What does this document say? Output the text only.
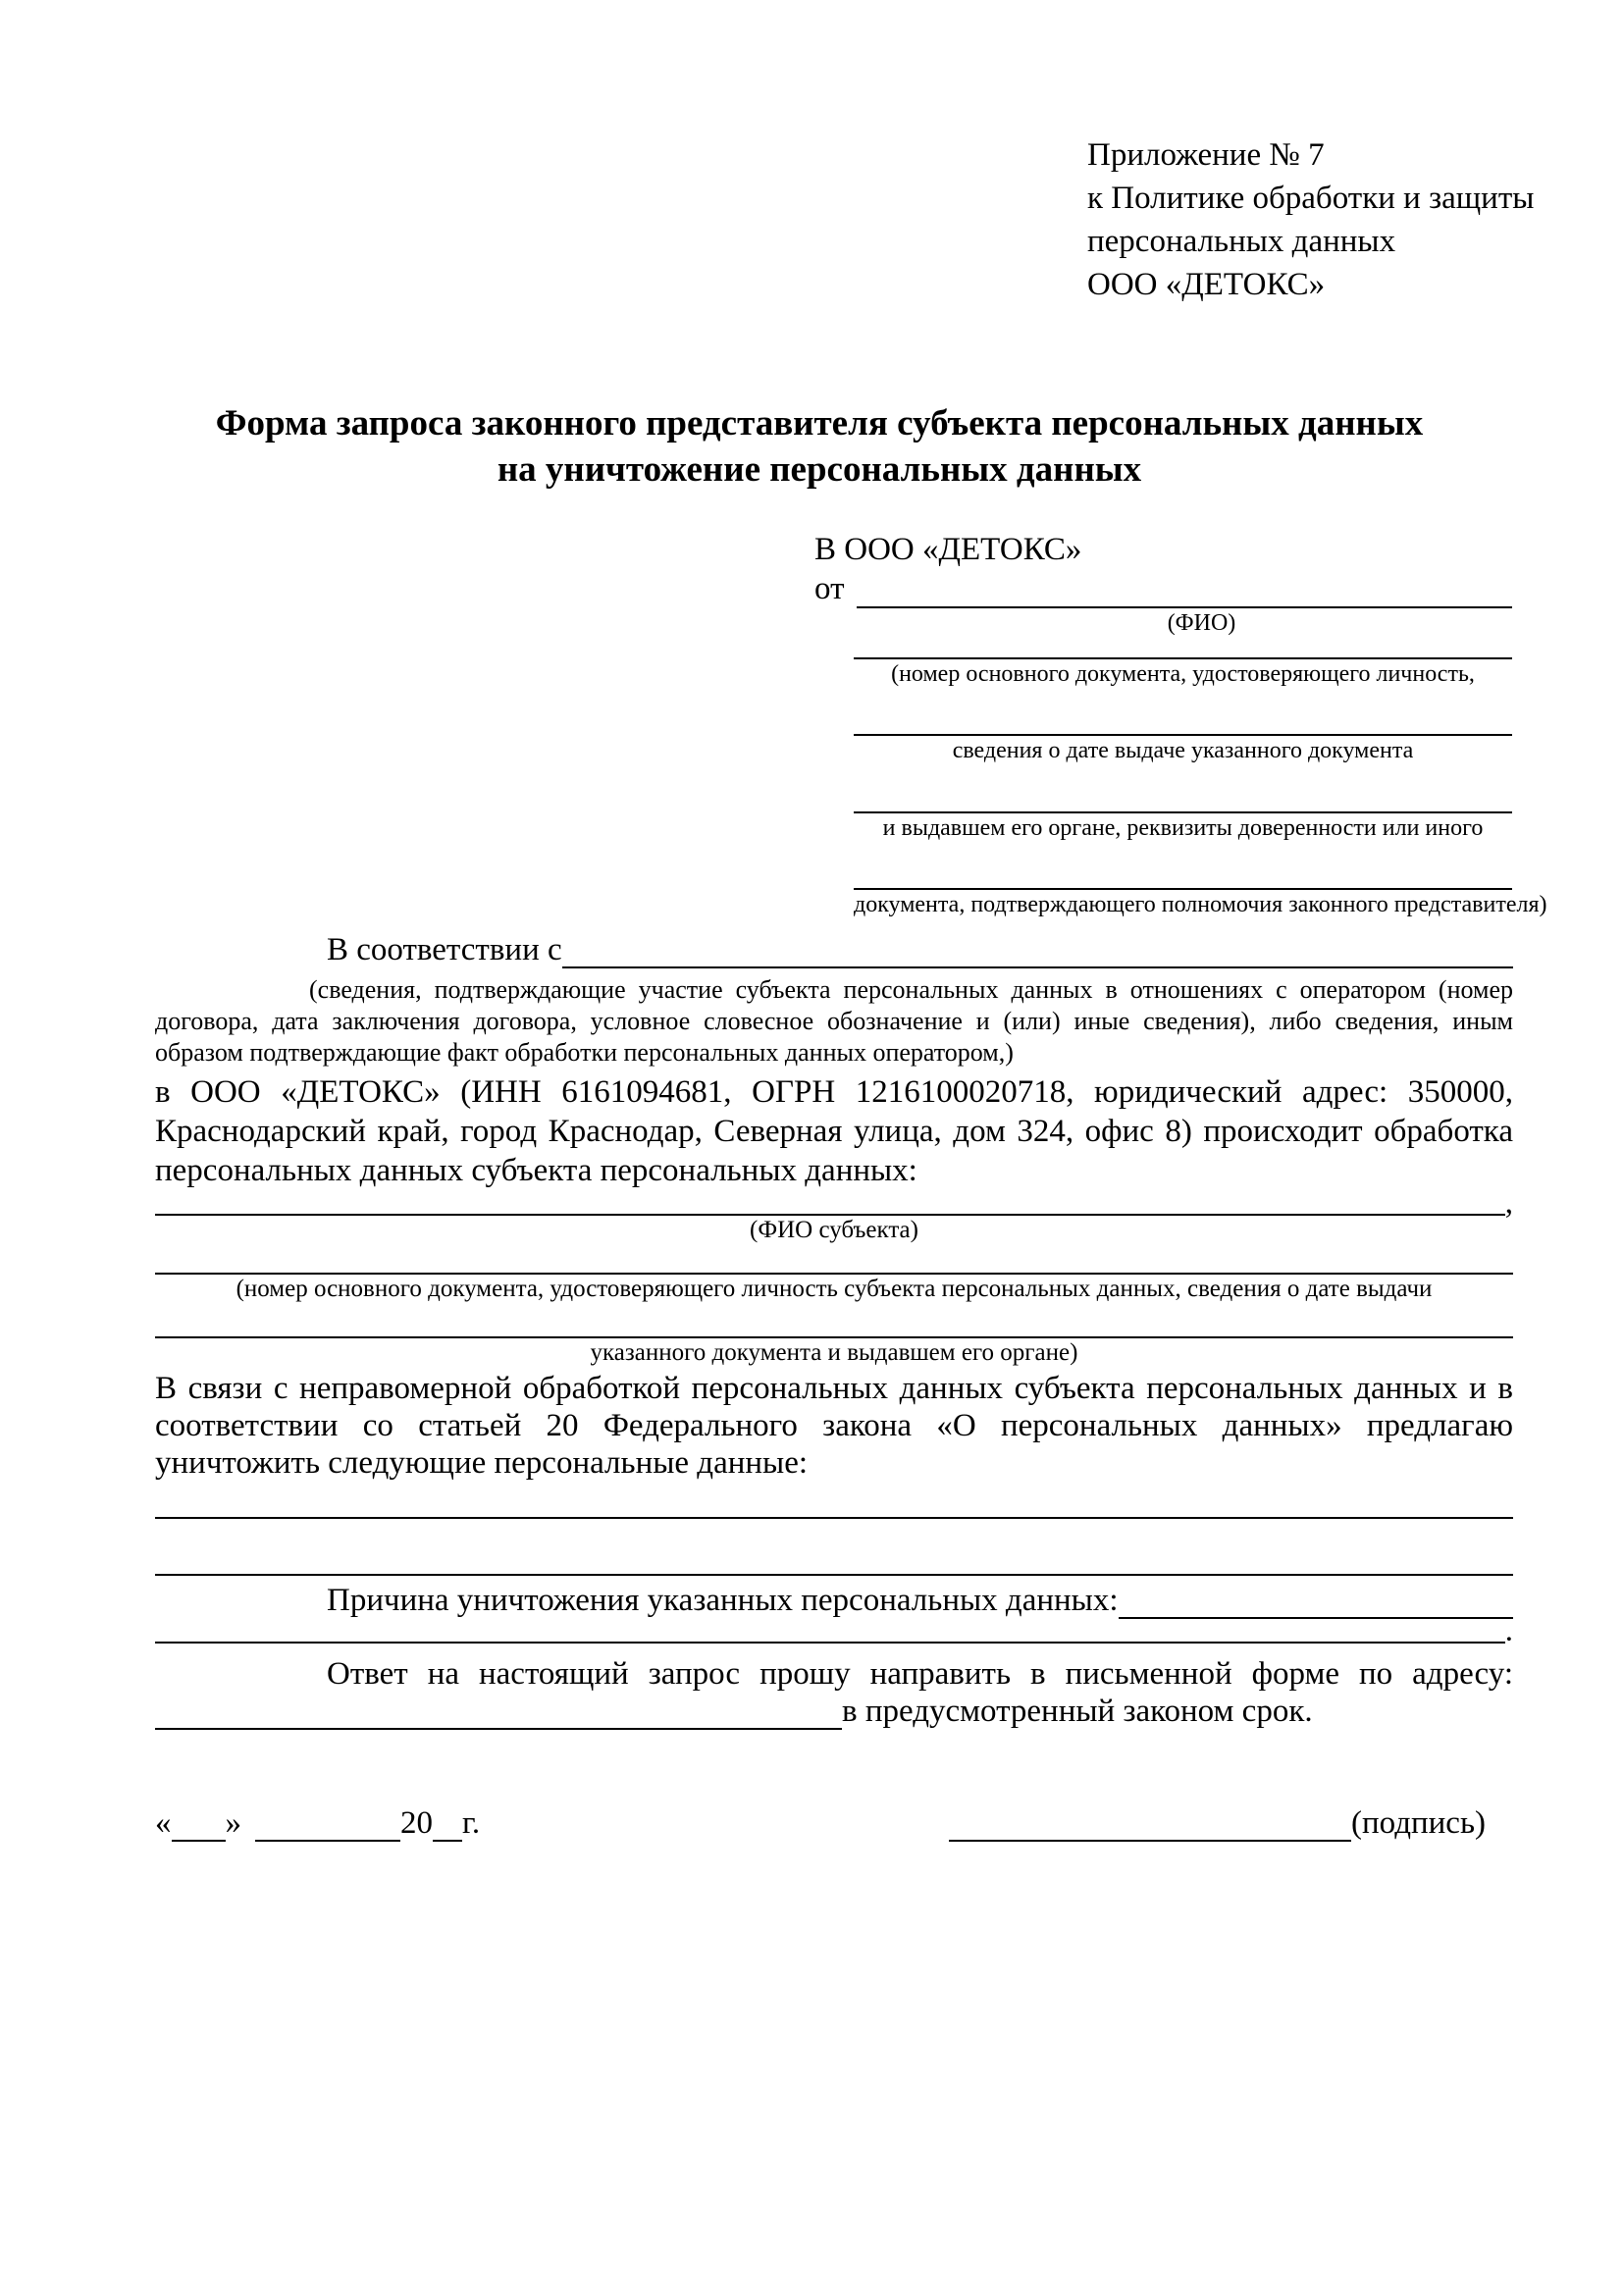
Приложение № 7
к Политике обработки и защиты
персональных данных
ООО «ДЕТОКС»
Форма запроса законного представителя субъекта персональных данных
на уничтожение персональных данных
В ООО «ДЕТОКС»
от
(ФИО)
(номер основного документа, удостоверяющего личность,
сведения о дате выдаче указанного документа
и выдавшем его органе, реквизиты доверенности или иного
документа, подтверждающего полномочия законного представителя)
В соответствии с

(сведения, подтверждающие участие субъекта персональных данных в отношениях с оператором (номер договора, дата заключения договора, условное словесное обозначение и (или) иные сведения), либо сведения, иным образом подтверждающие факт обработки персональных данных оператором,)

в ООО «ДЕТОКС» (ИНН 6161094681, ОГРН 1216100020718, юридический адрес: 350000, Краснодарский край, город Краснодар, Северная улица, дом 324, офис 8) происходит обработка персональных данных субъекта персональных данных:

,
(ФИО субъекта)
(номер основного документа, удостоверяющего личность субъекта персональных данных, сведения о дате выдачи
указанного документа и выдавшем его органе)

В связи с неправомерной обработкой персональных данных субъекта персональных данных и в соответствии со статьей 20 Федерального закона «О персональных данных» предлагаю уничтожить следующие персональные данные:

Причина уничтожения указанных персональных данных:
.

Ответ на настоящий запрос прошу направить в письменной форме по адресу:

в предусмотренный законом срок.
« »	20 г.	(подпись)
